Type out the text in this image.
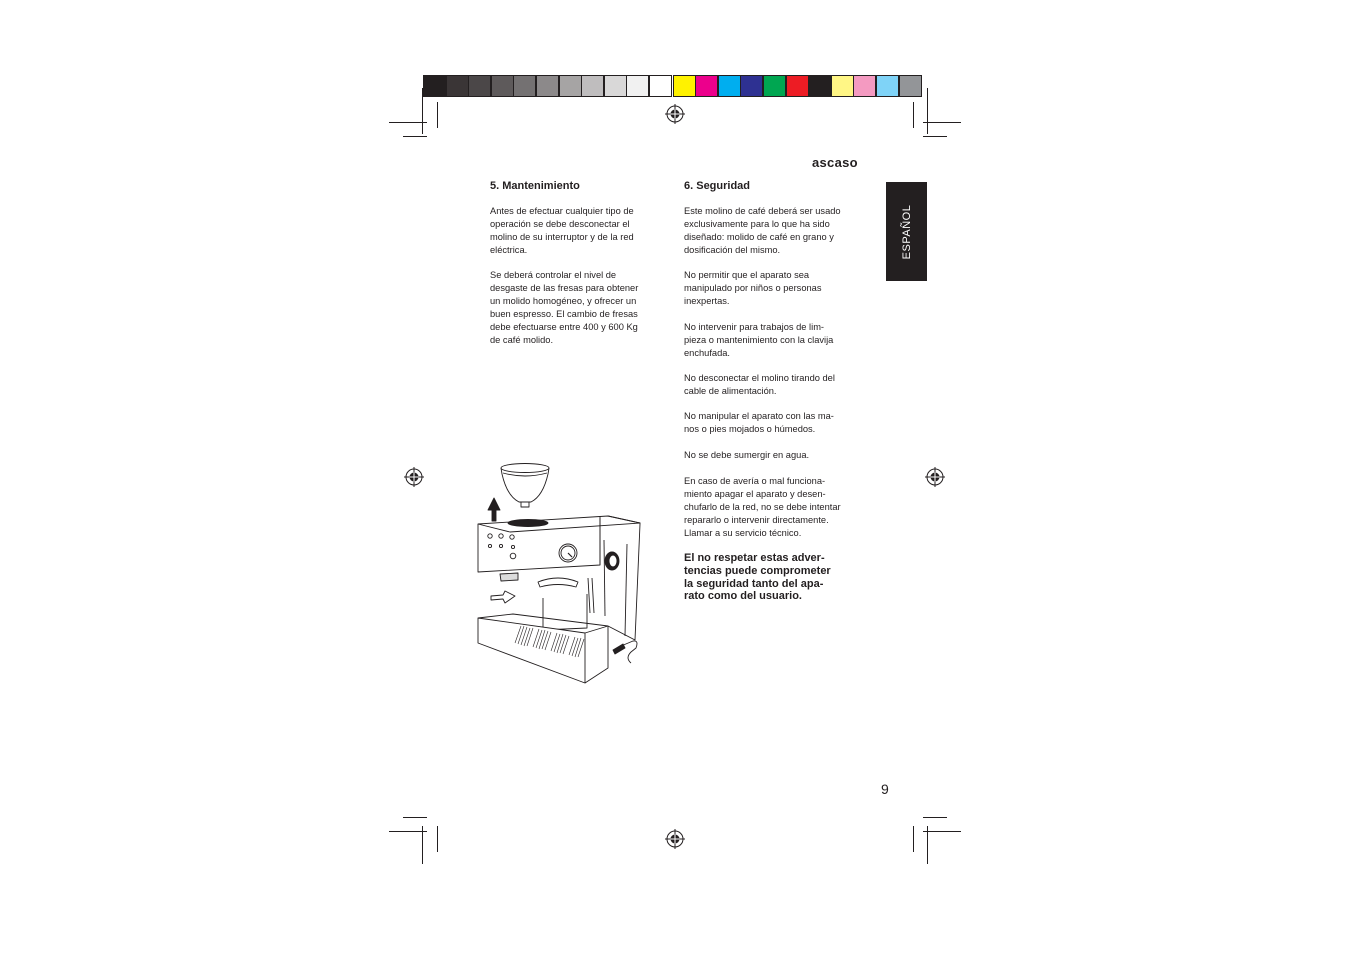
ascaso
ESPAÑOL
5. Mantenimiento

Antes de efectuar cualquier tipo de
operación se debe desconectar el
molino de su interruptor y de la red
eléctrica.

Se deberá controlar el nivel de
desgaste de las fresas para obtener
un molido homogéneo, y ofrecer un
buen espresso. El cambio de fresas
debe efectuarse entre 400 y 600 Kg
de café molido.

6. Seguridad

Este molino de café deberá ser usado
exclusivamente para lo que ha sido
diseñado: molido de café en grano y
dosificación del mismo.

No permitir que el aparato sea
manipulado por niños o personas
inexpertas.

No intervenir para trabajos de lim-
pieza o mantenimiento con la clavija
enchufada.

No desconectar el molino tirando del
cable de alimentación.

No manipular el aparato con las ma-
nos o pies mojados o húmedos.

No se debe sumergir en agua.

En caso de avería o mal funciona-
miento apagar el aparato y desen-
chufarlo de la red, no se debe intentar
repararlo o intervenir directamente.
Llamar a su servicio técnico.

El no respetar estas adver-
tencias puede comprometer
la seguridad tanto del apa-
rato como del usuario.

9
